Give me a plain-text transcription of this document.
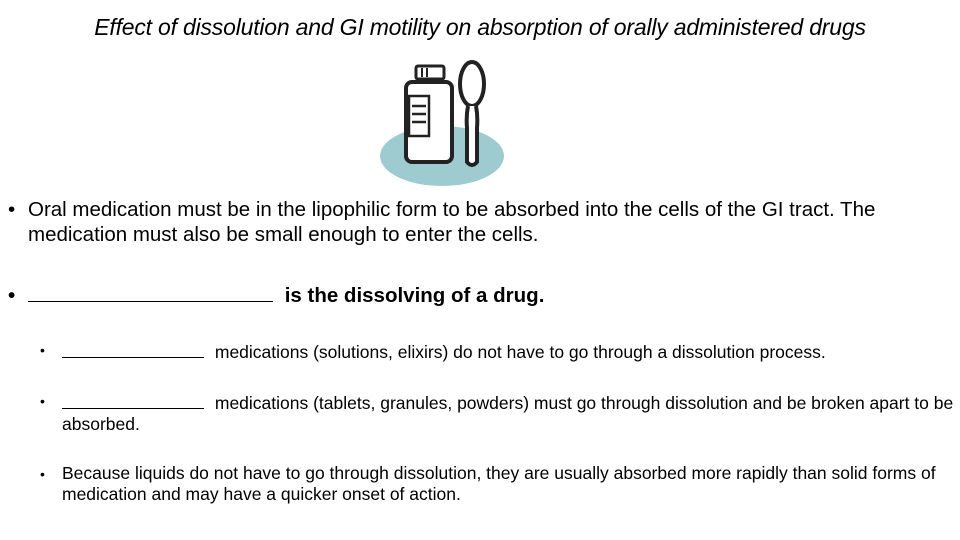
Effect of dissolution and GI motility on absorption of orally administered drugs
• Oral medication must be in the lipophilic form to be absorbed into the cells of the GI tract. The medication must also be small enough to enter the cells.
•	is the dissolving of a drug.
•	medications (solutions, elixirs) do not have to go through a dissolution process.
•	medications (tablets, granules, powders) must go through dissolution and be broken apart to be absorbed.
• Because liquids do not have to go through dissolution, they are usually absorbed more rapidly than solid forms of medication and may have a quicker onset of action.
